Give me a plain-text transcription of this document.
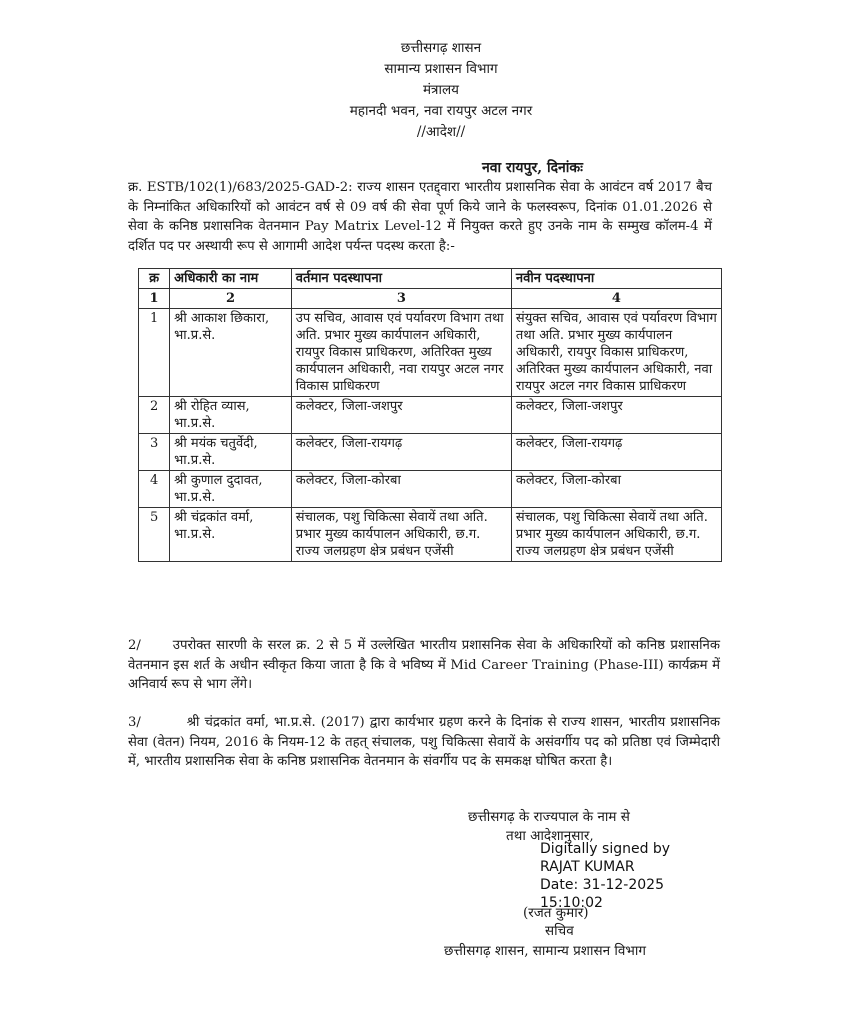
छत्तीसगढ़ शासन
सामान्य प्रशासन विभाग
मंत्रालय
महानदी भवन, नवा रायपुर अटल नगर
//आदेश//
नवा रायपुर, दिनांकः
क्र. ESTB/102(1)/683/2025-GAD-2: राज्य शासन एतद्द्वारा भारतीय प्रशासनिक सेवा के आवंटन वर्ष 2017 बैच के निम्नांकित अधिकारियों को आवंटन वर्ष से 09 वर्ष की सेवा पूर्ण किये जाने के फलस्वरूप, दिनांक 01.01.2026 से सेवा के कनिष्ठ प्रशासनिक वेतनमान Pay Matrix Level-12 में नियुक्त करते हुए उनके नाम के सम्मुख कॉलम-4 में दर्शित पद पर अस्थायी रूप से आगामी आदेश पर्यन्त पदस्थ करता है:-
क्र	अधिकारी का नाम	वर्तमान पदस्थापना	नवीन पदस्थापना
1	2	3	4
1	श्री आकाश छिकारा, भा.प्र.से.	उप सचिव, आवास एवं पर्यावरण विभाग तथा अति. प्रभार मुख्य कार्यपालन अधिकारी, रायपुर विकास प्राधिकरण, अतिरिक्त मुख्य कार्यपालन अधिकारी, नवा रायपुर अटल नगर विकास प्राधिकरण	संयुक्त सचिव, आवास एवं पर्यावरण विभाग तथा अति. प्रभार मुख्य कार्यपालन अधिकारी, रायपुर विकास प्राधिकरण, अतिरिक्त मुख्य कार्यपालन अधिकारी, नवा रायपुर अटल नगर विकास प्राधिकरण
2	श्री रोहित व्यास, भा.प्र.से.	कलेक्टर, जिला-जशपुर	कलेक्टर, जिला-जशपुर
3	श्री मयंक चतुर्वेदी, भा.प्र.से.	कलेक्टर, जिला-रायगढ़	कलेक्टर, जिला-रायगढ़
4	श्री कुणाल दुदावत, भा.प्र.से.	कलेक्टर, जिला-कोरबा	कलेक्टर, जिला-कोरबा
5	श्री चंद्रकांत वर्मा, भा.प्र.से.	संचालक, पशु चिकित्सा सेवायें तथा अति. प्रभार मुख्य कार्यपालन अधिकारी, छ.ग. राज्य जलग्रहण क्षेत्र प्रबंधन एजेंसी	संचालक, पशु चिकित्सा सेवायें तथा अति. प्रभार मुख्य कार्यपालन अधिकारी, छ.ग. राज्य जलग्रहण क्षेत्र प्रबंधन एजेंसी
2/ उपरोक्त सारणी के सरल क्र. 2 से 5 में उल्लेखित भारतीय प्रशासनिक सेवा के अधिकारियों को कनिष्ठ प्रशासनिक वेतनमान इस शर्त के अधीन स्वीकृत किया जाता है कि वे भविष्य में Mid Career Training (Phase-III) कार्यक्रम में अनिवार्य रूप से भाग लेंगे।
3/	श्री चंद्रकांत वर्मा, भा.प्र.से. (2017) द्वारा कार्यभार ग्रहण करने के दिनांक से राज्य शासन, भारतीय प्रशासनिक सेवा (वेतन) नियम, 2016 के नियम-12 के तहत् संचालक, पशु चिकित्सा सेवायें के असंवर्गीय पद को प्रतिष्ठा एवं जिम्मेदारी में, भारतीय प्रशासनिक सेवा के कनिष्ठ प्रशासनिक वेतनमान के संवर्गीय पद के समकक्ष घोषित करता है।
छत्तीसगढ़ के राज्यपाल के नाम से
तथा आदेशानुसार,
Digitally signed by
RAJAT KUMAR
Date: 31-12-2025
15:10:02
(रजत कुमार)
सचिव
छत्तीसगढ़ शासन, सामान्य प्रशासन विभाग
